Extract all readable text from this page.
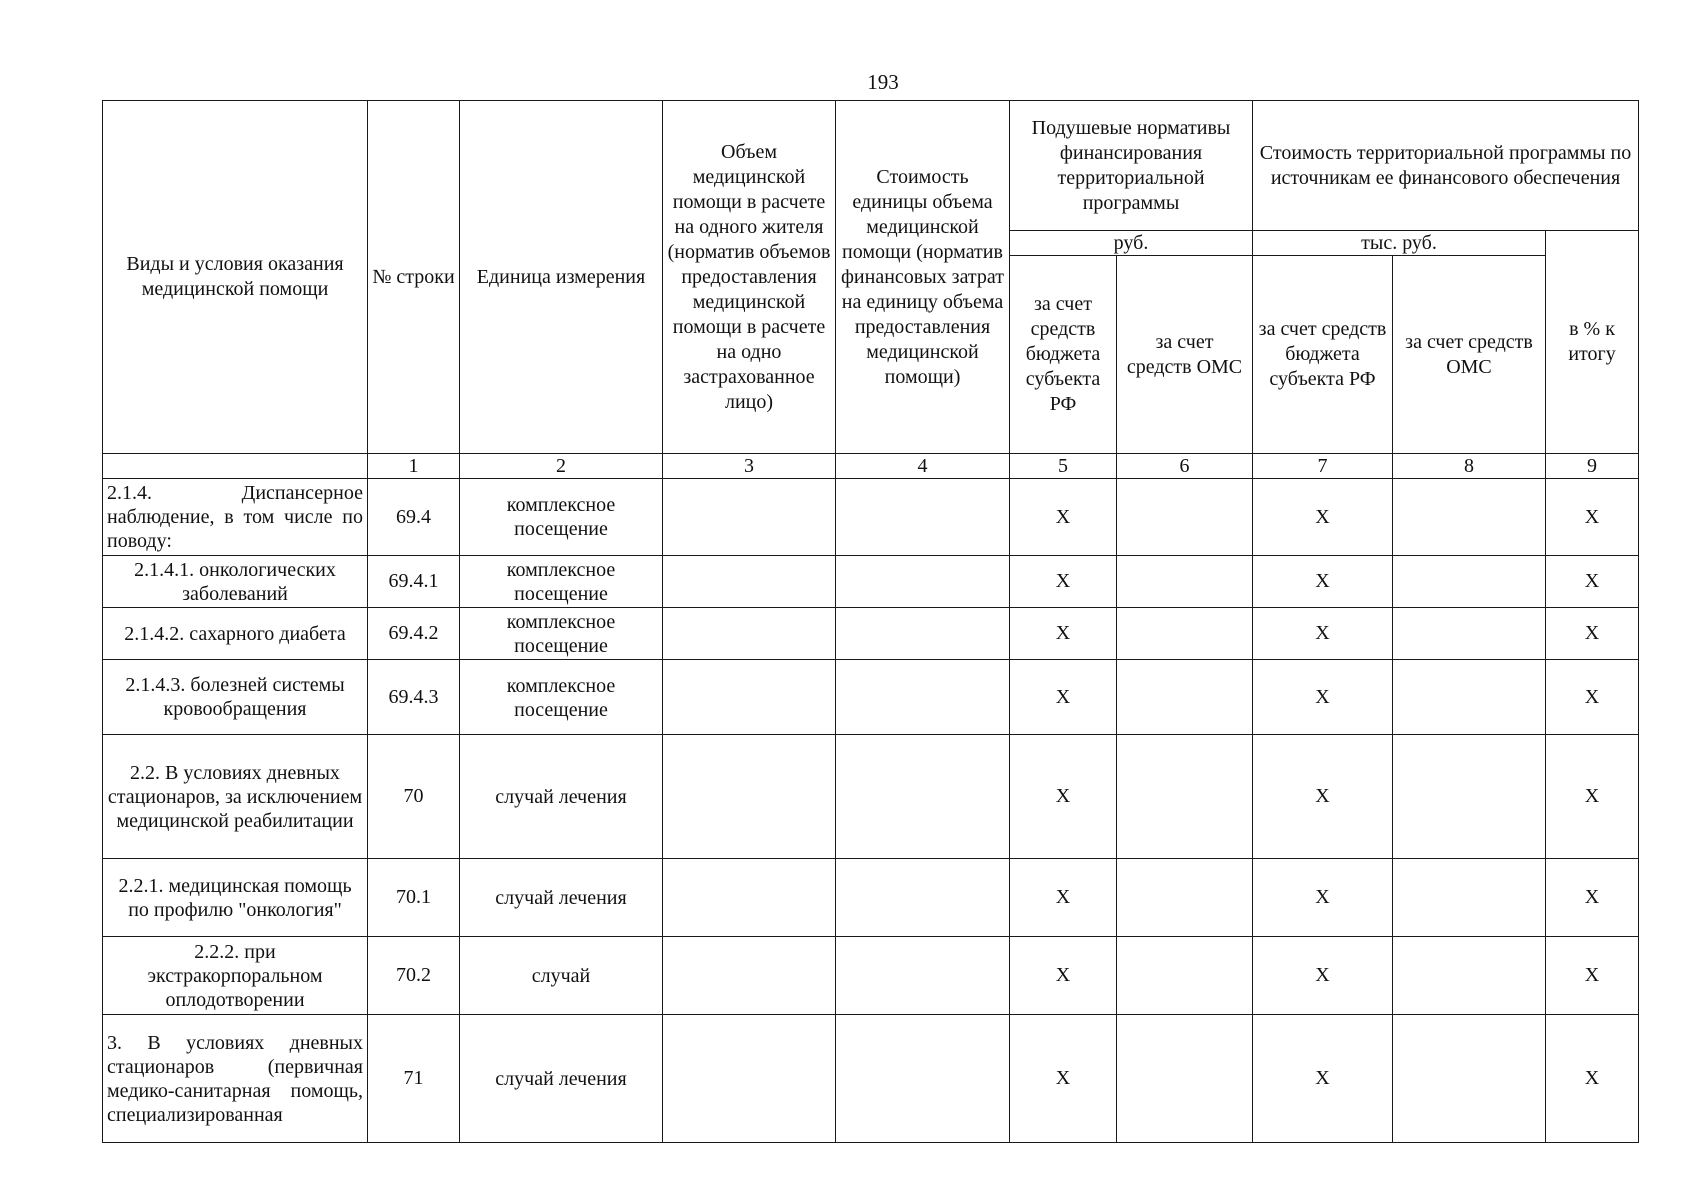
193
Виды и условия оказания медицинской помощи	№ строки	Единица измерения	Объем медицинской помощи в расчете на одного жителя (норматив объемов предоставления медицинской помощи в расчете на одно застрахованное лицо)	Стоимость единицы объема медицинской помощи (норматив финансовых затрат на единицу объема предоставления медицинской помощи)	Подушевые нормативы финансирования территориальной программы		Стоимость территориальной программы по источникам ее финансового обеспечения		
					руб.		тыс. руб.		в % к итогу
					за счет средств бюджета субъекта РФ	за счет средств ОМС	за счет средств бюджета субъекта РФ	за счет средств ОМС	
	1	2	3	4	5	6	7	8	9
2.1.4. Диспансерное наблюдение, в том числе по поводу:	69.4	комплексное посещение			Х		Х		Х
2.1.4.1. онкологических заболеваний	69.4.1	комплексное посещение			Х		Х		Х
2.1.4.2. сахарного диабета	69.4.2	комплексное посещение			Х		Х		Х
2.1.4.3. болезней системы кровообращения	69.4.3	комплексное посещение			Х		Х		Х
2.2. В условиях дневных стационаров, за исключением медицинской реабилитации	70	случай лечения			Х		Х		Х
2.2.1. медицинская помощь по профилю "онкология"	70.1	случай лечения			Х		Х		Х
2.2.2. при экстракорпоральном оплодотворении	70.2	случай			Х		Х		Х
3. В условиях дневных стационаров (первичная медико-санитарная помощь, специализированная	71	случай лечения			Х		Х		Х
